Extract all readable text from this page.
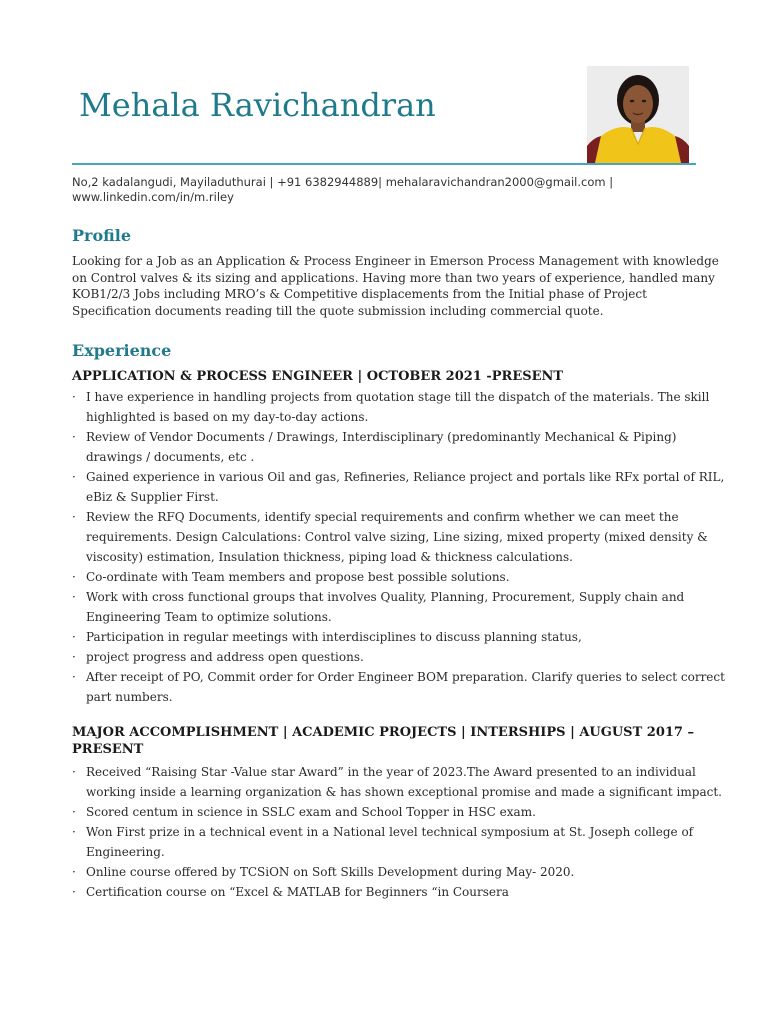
Mehala Ravichandran
No,2 kadalangudi, Mayiladuthurai | +91 6382944889| mehalaravichandran2000@gmail.com |
www.linkedin.com/in/m.riley
Profile
Looking for a Job as an Application & Process Engineer in Emerson Process Management with knowledge
on Control valves & its sizing and applications. Having more than two years of experience, handled many
KOB1/2/3 Jobs including MRO’s & Competitive displacements from the Initial phase of Project
Specification documents reading till the quote submission including commercial quote.
Experience
APPLICATION & PROCESS ENGINEER | OCTOBER 2021 -PRESENT
· I have experience in handling projects from quotation stage till the dispatch of the materials. The skill
highlighted is based on my day-to-day actions.
· Review of Vendor Documents / Drawings, Interdisciplinary (predominantly Mechanical & Piping)
drawings / documents, etc .
· Gained experience in various Oil and gas, Refineries, Reliance project and portals like RFx portal of RIL,
eBiz & Supplier First.
· Review the RFQ Documents, identify special requirements and confirm whether we can meet the
requirements. Design Calculations: Control valve sizing, Line sizing, mixed property (mixed density &
viscosity) estimation, Insulation thickness, piping load & thickness calculations.
· Co-ordinate with Team members and propose best possible solutions.
· Work with cross functional groups that involves Quality, Planning, Procurement, Supply chain and
Engineering Team to optimize solutions.
· Participation in regular meetings with interdisciplines to discuss planning status,
· project progress and address open questions.
· After receipt of PO, Commit order for Order Engineer BOM preparation. Clarify queries to select correct
part numbers.
MAJOR ACCOMPLISHMENT | ACADEMIC PROJECTS | INTERSHIPS | AUGUST 2017 –
PRESENT
· Received “Raising Star -Value star Award” in the year of 2023.The Award presented to an individual
working inside a learning organization & has shown exceptional promise and made a significant impact.
· Scored centum in science in SSLC exam and School Topper in HSC exam.
· Won First prize in a technical event in a National level technical symposium at St. Joseph college of
Engineering.
· Online course offered by TCSiON on Soft Skills Development during May- 2020.
· Certification course on “Excel & MATLAB for Beginners “in Coursera
